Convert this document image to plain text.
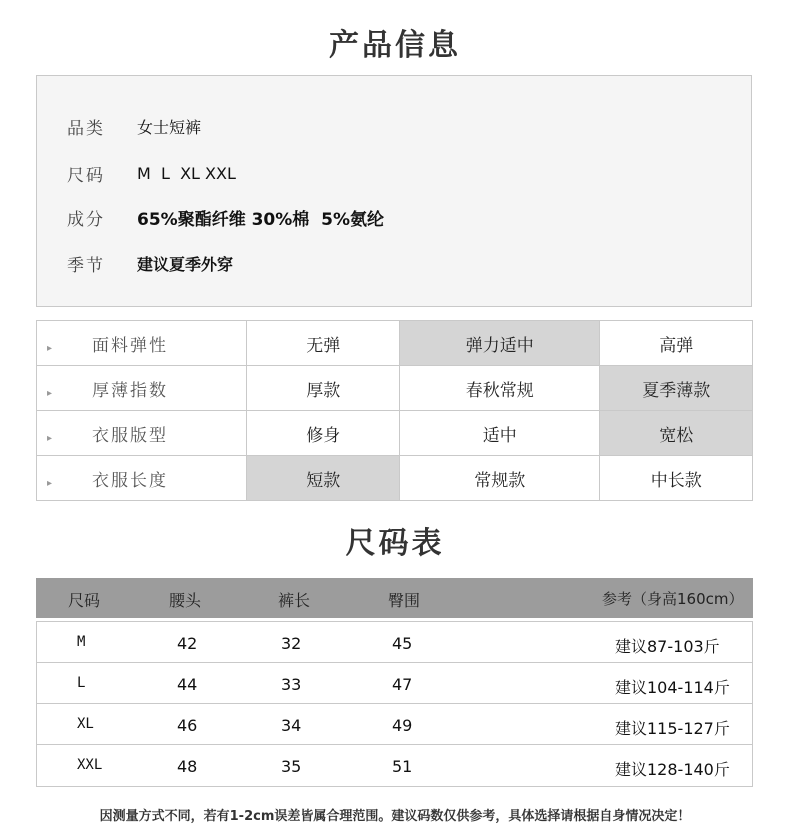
产品信息
品类	女士短裤
尺码	M  L  XL XXL
成分	65%聚酯纤维 30%棉  5%氨纶
季节	建议夏季外穿
▸ 面料弹性	无弹	弹力适中	高弹
▸ 厚薄指数	厚款	春秋常规	夏季薄款
▸ 衣服版型	修身	适中	宽松
▸ 衣服长度	短款	常规款	中长款
尺码表
尺码	腰头	裤长	臀围	参考（身高160cm）
M	42	32	45	建议87-103斤
L	44	33	47	建议104-114斤
XL	46	34	49	建议115-127斤
XXL	48	35	51	建议128-140斤
因测量方式不同，若有1-2cm误差皆属合理范围。建议码数仅供参考，具体选择请根据自身情况决定！
